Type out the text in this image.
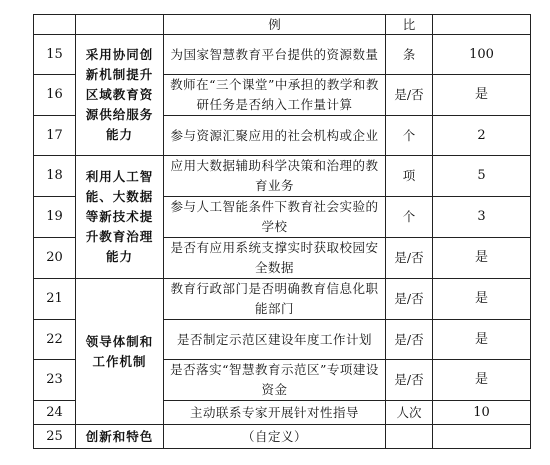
		例	比	
15	采用协同创新机制提升区域教育资源供给服务能力	为国家智慧教育平台提供的资源数量	条	100
16		教师在“三个课堂”中承担的教学和教研任务是否纳入工作量计算	是/否	是
17		参与资源汇聚应用的社会机构或企业	个	2
18	利用人工智能、大数据等新技术提升教育治理能力	应用大数据辅助科学决策和治理的教育业务	项	5
19		参与人工智能条件下教育社会实验的学校	个	3
20		是否有应用系统支撑实时获取校园安全数据	是/否	是
21	领导体制和工作机制	教育行政部门是否明确教育信息化职能部门	是/否	是
22		是否制定示范区建设年度工作计划	是/否	是
23		是否落实“智慧教育示范区”专项建设资金	是/否	是
24		主动联系专家开展针对性指导	人次	10
25	创新和特色	（自定义）		
